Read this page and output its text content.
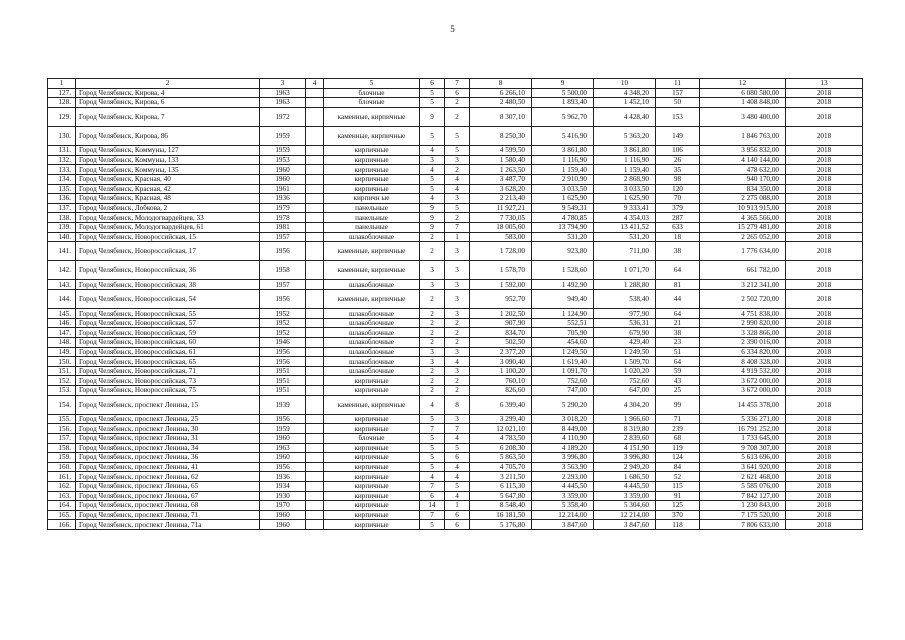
5
1	2	3	4	5	6	7	8	9	10	11	12	13
127.	Город Челябинск, Кирова, 4	1963		блочные	5	6	6 266,10	5 500,00	4 348,20	157	6 080 580,00	2018
128.	Город Челябинск, Кирова, 6	1963		блочные	5	2	2 480,50	1 893,40	1 452,10	50	1 408 848,00	2018
129.	Город Челябинск, Кирова, 7	1972		каменные, кирпичные	9	2	8 307,10	5 962,70	4 428,40	153	3 480 400,00	2018
130.	Город Челябинск, Кирова, 86	1959		каменные, кирпичные	5	5	8 250,30	5 416,90	5 363,20	149	1 846 763,00	2018
131.	Город Челябинск, Коммуны, 127	1959		кирпичные	4	5	4 599,50	3 861,80	3 861,80	106	3 956 832,00	2018
132.	Город Челябинск, Коммуны, 133	1953		кирпичные	3	3	1 580,40	1 116,90	1 116,90	26	4 140 144,00	2018
133.	Город Челябинск, Коммуны, 135	1960		кирпичные	4	2	1 263,50	1 159,40	1 159,40	35	478 632,00	2018
134.	Город Челябинск, Красная, 40	1960		кирпичные	5	4	3 487,70	2 910,90	2 868,90	98	940 170,00	2018
135.	Город Челябинск, Красная, 42	1961		кирпичные	5	4	3 628,20	3 033,50	3 033,50	120	834 350,00	2018
136.	Город Челябинск, Красная, 48	1936		кирпичн ые	4	3	2 213,40	1 625,90	1 625,90	70	2 275 088,00	2018
137.	Город Челябинск, Лобкова, 2	1979		панельные	9	5	11 927,21	9 549,31	9 333,41	379	10 913 915,00	2018
138.	Город Челябинск, Молодогвардейцев, 33	1978		панельные	9	2	7 730,05	4 780,85	4 354,03	287	4 365 566,00	2018
139.	Город Челябинск, Молодогвардейцев, 61	1981		панельные	9	7	18 005,60	13 794,90	13 411,52	633	15 279 481,00	2018
140.	Город Челябинск, Новороссийская, 15	1957		шлакоблочные	2	1	583,00	531,20	531,20	18	2 265 052,00	2018
141.	Город Челябинск, Новороссийская, 17	1956		каменные, кирпичные	2	3	1 728,00	923,80	711,00	38	1 776 634,00	2018
142.	Город Челябинск, Новороссийская, 36	1958		каменные, кирпичные	3	3	1 578,70	1 528,60	1 071,70	64	661 782,00	2018
143.	Город Челябинск, Новороссийская, 38	1957		шлакоблочные	3	3	1 592,00	1 492,90	1 288,80	81	3 212 341,00	2018
144.	Город Челябинск, Новороссийская, 54	1956		каменные, кирпичные	2	3	952,70	949,40	538,40	44	2 502 720,00	2018
145.	Город Челябинск, Новороссийская, 55	1952		шлакоблочные	2	3	1 202,50	1 124,90	977,90	64	4 751 838,00	2018
146.	Город Челябинск, Новороссийская, 57	1952		шлакоблочные	2	2	907,90	552,51	536,31	21	2 990 820,00	2018
147.	Город Челябинск, Новороссийская, 59	1952		шлакоблочные	2	2	834,70	705,90	679,90	38	3 328 866,00	2018
148.	Город Челябинск, Новороссийская, 60	1946		шлакоблочные	2	2	502,50	454,60	429,40	23	2 390 016,00	2018
149.	Город Челябинск, Новороссийская, 61	1956		шлакоблочные	3	3	2 377,20	1 249,50	1 249,50	51	6 334 820,00	2018
150.	Город Челябинск, Новороссийская, 65	1956		шлакоблочные	3	4	3 090,40	1 619,40	1 509,70	64	8 408 328,00	2018
151.	Город Челябинск, Новороссийская, 71	1951		шлакоблочные	2	3	1 100,20	1 091,70	1 020,20	59	4 919 532,00	2018
152.	Город Челябинск, Новороссийская, 73	1951		кирпичные	2	2	760,10	752,60	752,60	43	3 672 000,00	2018
153.	Город Челябинск, Новороссийская, 75	1951		кирпичные	2	2	826,60	747,00	647,00	25	3 672 000,00	2018
154.	Город Челябинск, проспект Ленина, 15	1939		каменные, кирпичные	4	8	6 399,40	5 290,20	4 304,20	99	14 455 378,00	2018
155.	Город Челябинск, проспект Ленина, 25	1956		кирпичные	5	3	3 299,40	3 018,20	1 966,60	71	5 336 271,00	2018
156.	Город Челябинск, проспект Ленина, 30	1959		кирпичные	7	7	12 021,10	8 449,00	8 319,80	239	16 791 252,00	2018
157.	Город Челябинск, проспект Ленина, 31	1960		блочные	5	4	4 783,50	4 110,90	2 839,60	68	1 733 645,00	2018
158.	Город Челябинск, проспект Ленина, 34	1963		кирпичные	5	5	6 208,30	4 189,20	4 151,90	119	9 708 307,00	2018
159.	Город Челябинск, проспект Ленина, 36	1960		кирпичные	5	6	5 863,50	3 996,80	3 996,80	124	5 613 696,00	2018
160.	Город Челябинск, проспект Ленина, 41	1956		кирпичные	5	4	4 705,70	3 563,90	2 949,20	84	3 641 920,00	2018
161.	Город Челябинск, проспект Ленина, 62	1936		кирпичные	4	4	3 211,50	2 293,00	1 686,50	52	2 621 468,00	2018
162.	Город Челябинск, проспект Ленина, 65	1934		кирпичные	7	5	6 115,30	4 445,50	4 445,50	115	5 585 076,00	2018
163.	Город Челябинск, проспект Ленина, 67	1930		кирпичные	6	4	5 647,80	3 359,00	3 359,00	91	7 842 127,00	2018
164.	Город Челябинск, проспект Ленина, 68	1970		кирпичные	14	1	8 548,40	5 358,40	5 304,60	125	1 230 843,00	2018
165.	Город Челябинск, проспект Ленина, 71	1960		кирпичные	7	6	16 181,50	12 214,00	12 214,00	370	7 175 520,00	2018
166.	Город Челябинск, проспект Ленина, 71а	1960		кирпичные	5	6	5 176,80	3 847,60	3 847,60	118	7 806 633,00	2018
